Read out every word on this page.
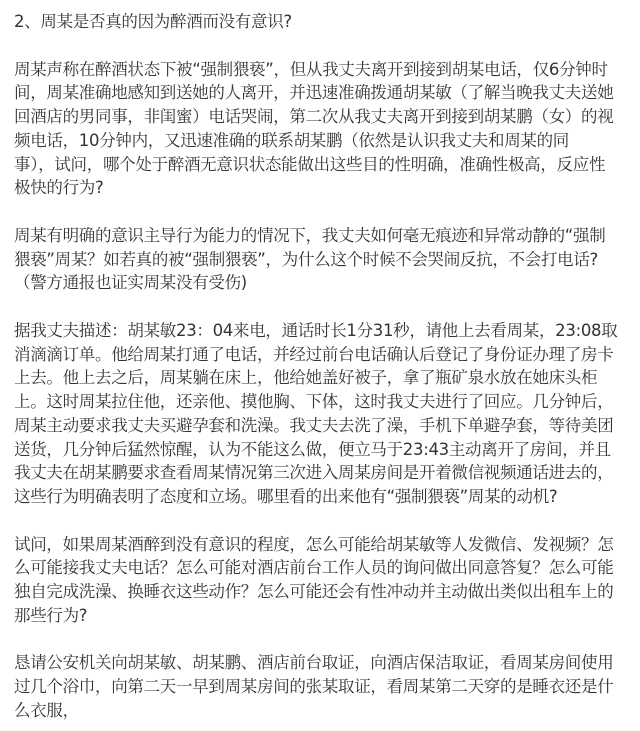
2、周某是否真的因为醉酒而没有意识?
周某声称在醉酒状态下被“强制猥亵”，但从我丈夫离开到接到胡某电话，仅6分钟时
间，周某准确地感知到送她的人离开，并迅速准确拨通胡某敏（了解当晚我丈夫送她
回酒店的男同事，非闺蜜）电话哭闹，第二次从我丈夫离开到接到胡某鹏（女）的视
频电话，10分钟内，又迅速准确的联系胡某鹏（依然是认识我丈夫和周某的同
事），试问，哪个处于醉酒无意识状态能做出这些目的性明确，准确性极高，反应性
极快的行为?
周某有明确的意识主导行为能力的情况下，我丈夫如何毫无痕迹和异常动静的“强制
猥亵”周某？如若真的被“强制猥亵”，为什么这个时候不会哭闹反抗，不会打电话?
（警方通报也证实周某没有受伤)
据我丈夫描述：胡某敏23：04来电，通话时长1分31秒，请他上去看周某，23:08取
消滴滴订单。他给周某打通了电话，并经过前台电话确认后登记了身份证办理了房卡
上去。他上去之后，周某躺在床上，他给她盖好被子，拿了瓶矿泉水放在她床头柜
上。这时周某拉住他，还亲他、摸他胸、下体，这时我丈夫进行了回应。几分钟后，
周某主动要求我丈夫买避孕套和洗澡。我丈夫去洗了澡，手机下单避孕套，等待美团
送货，几分钟后猛然惊醒，认为不能这么做，便立马于23:43主动离开了房间，并且
我丈夫在胡某鹏要求查看周某情况第三次进入周某房间是开着微信视频通话进去的，
这些行为明确表明了态度和立场。哪里看的出来他有“强制猥亵”周某的动机?
试问，如果周某酒醉到没有意识的程度，怎么可能给胡某敏等人发微信、发视频？怎
么可能接我丈夫电话？怎么可能对酒店前台工作人员的询问做出同意答复？怎么可能
独自完成洗澡、换睡衣这些动作？怎么可能还会有性冲动并主动做出类似出租车上的
那些行为?
恳请公安机关向胡某敏、胡某鹏、酒店前台取证，向酒店保洁取证，看周某房间使用
过几个浴巾，向第二天一早到周某房间的张某取证，看周某第二天穿的是睡衣还是什
么衣服，
